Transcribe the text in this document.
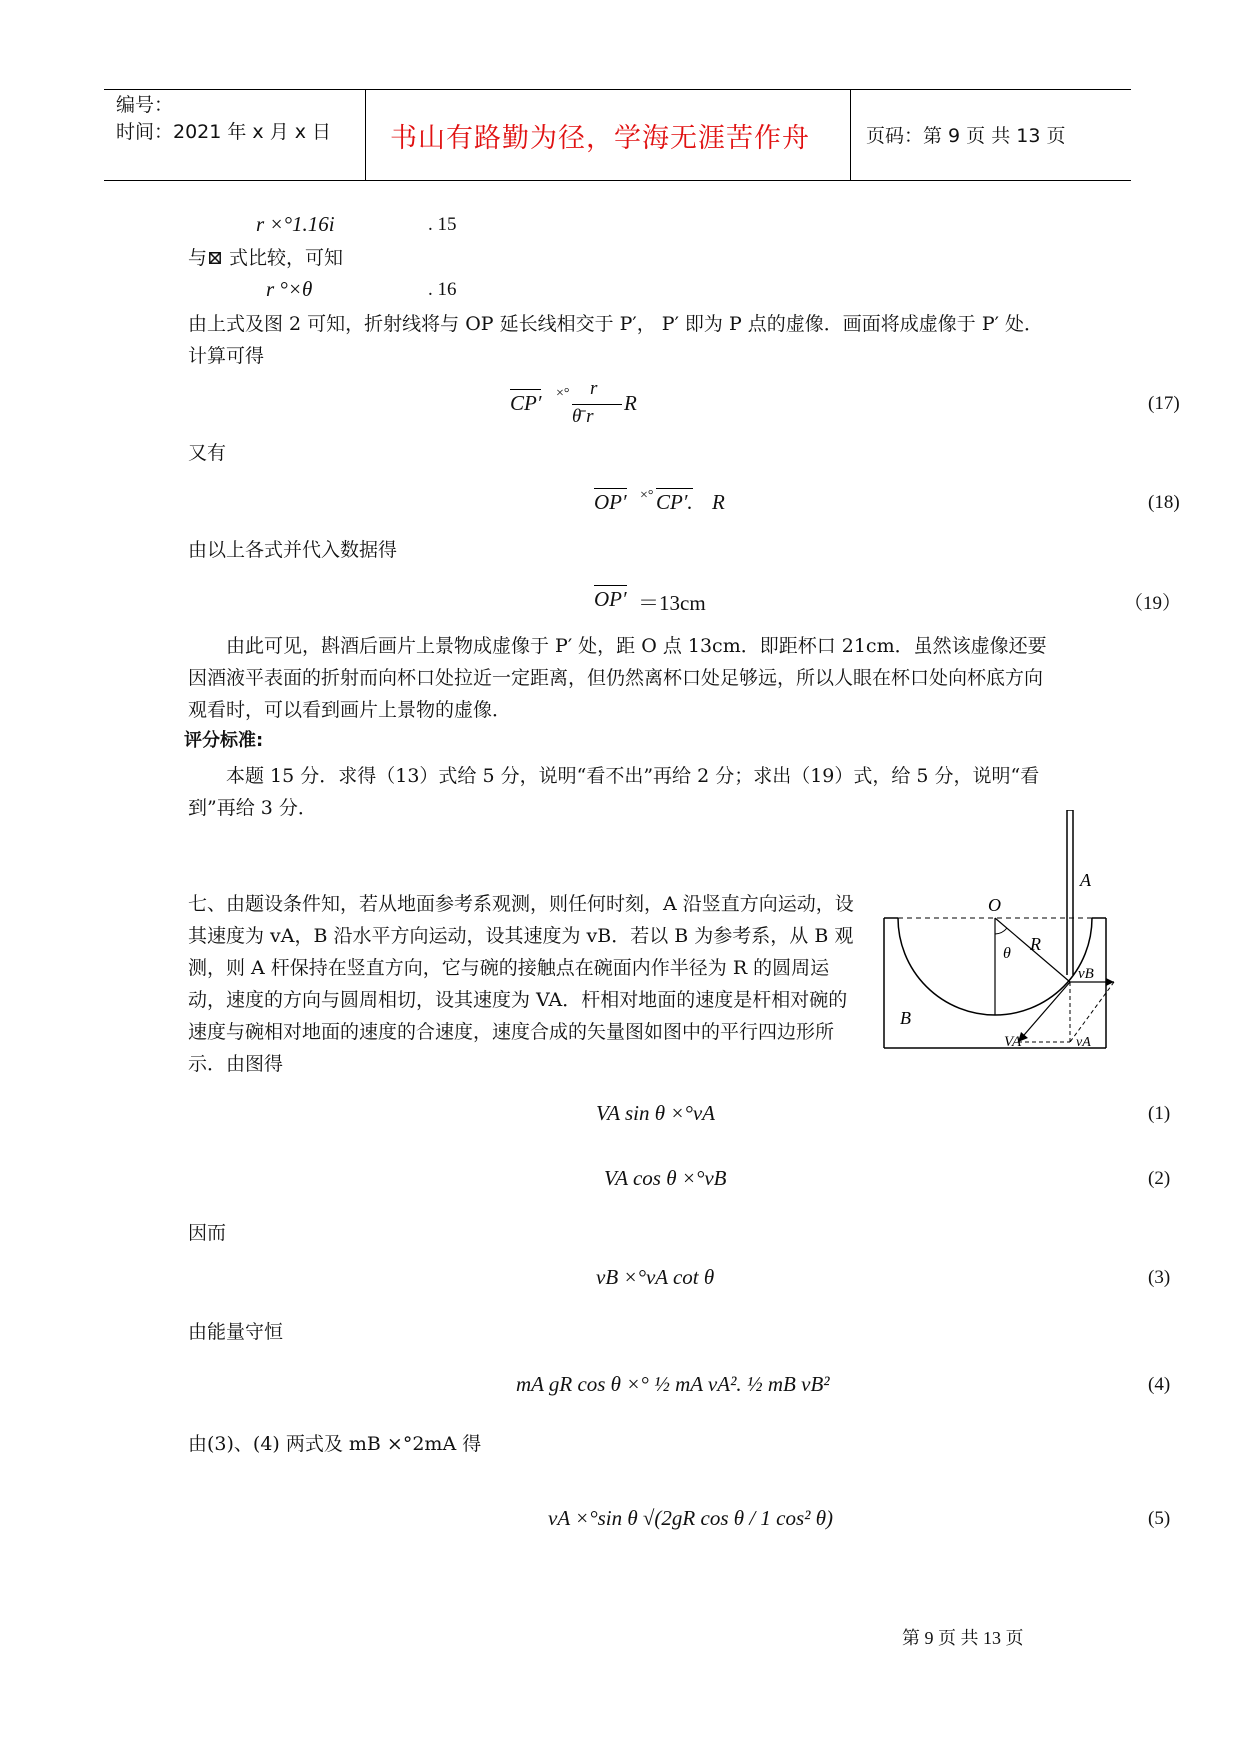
编号：
时间：2021 年 x 月 x 日 书山有路勤为径，学海无涯苦作舟	页码：第 9 页 共 13 页
r ×°1.16i	. 15
与⊠ 式比较，可知
r °×θ	. 16
由上式及图 2 可知，折射线将与 OP 延长线相交于 P′， P′ 即为 P 点的虚像．画面将成虚像于 P′ 处．计算可得
CP′ ×° r
θ̄ r
R	(17)
又有
OP′ ×° CP′. R	(18)
由以上各式并代入数据得
OP′ ＝13cm	（19）
由此可见，斟酒后画片上景物成虚像于 P′ 处，距 O 点 13cm．即距杯口 21cm．虽然该虚像还要因酒液平表面的折射而向杯口处拉近一定距离，但仍然离杯口处足够远，所以人眼在杯口处向杯底方向观看时，可以看到画片上景物的虚像．
评分标准:
本题 15 分．求得（13）式给 5 分，说明“看不出”再给 2 分；求出（19）式，给 5 分，说明“看到”再给 3 分．
七、由题设条件知，若从地面参考系观测，则任何时刻，A 沿竖直方向运动，设其速度为 vA，B 沿水平方向运动，设其速度为 vB．若以 B 为参考系，从 B 观测，则 A 杆保持在竖直方向，它与碗的接触点在碗面内作半径为 R 的圆周运动，速度的方向与圆周相切，设其速度为 VA．杆相对地面的速度是杆相对碗的速度与碗相对地面的速度的合速度，速度合成的矢量图如图中的平行四边形所示．由图得
A
O
θ R
vB
B
VA	vA
VA sin θ ×°vA	(1)
VA cos θ ×°vB	(2)
因而
vB ×°vA cot θ	(3)
由能量守恒
mA gR cos θ ×° ½ mA vA². ½ mB vB²	(4)
由(3)、(4) 两式及 mB ×°2mA 得
vA ×°sin θ √(2gR cos θ / 1 cos² θ)	(5)
第 9 页 共 13 页
